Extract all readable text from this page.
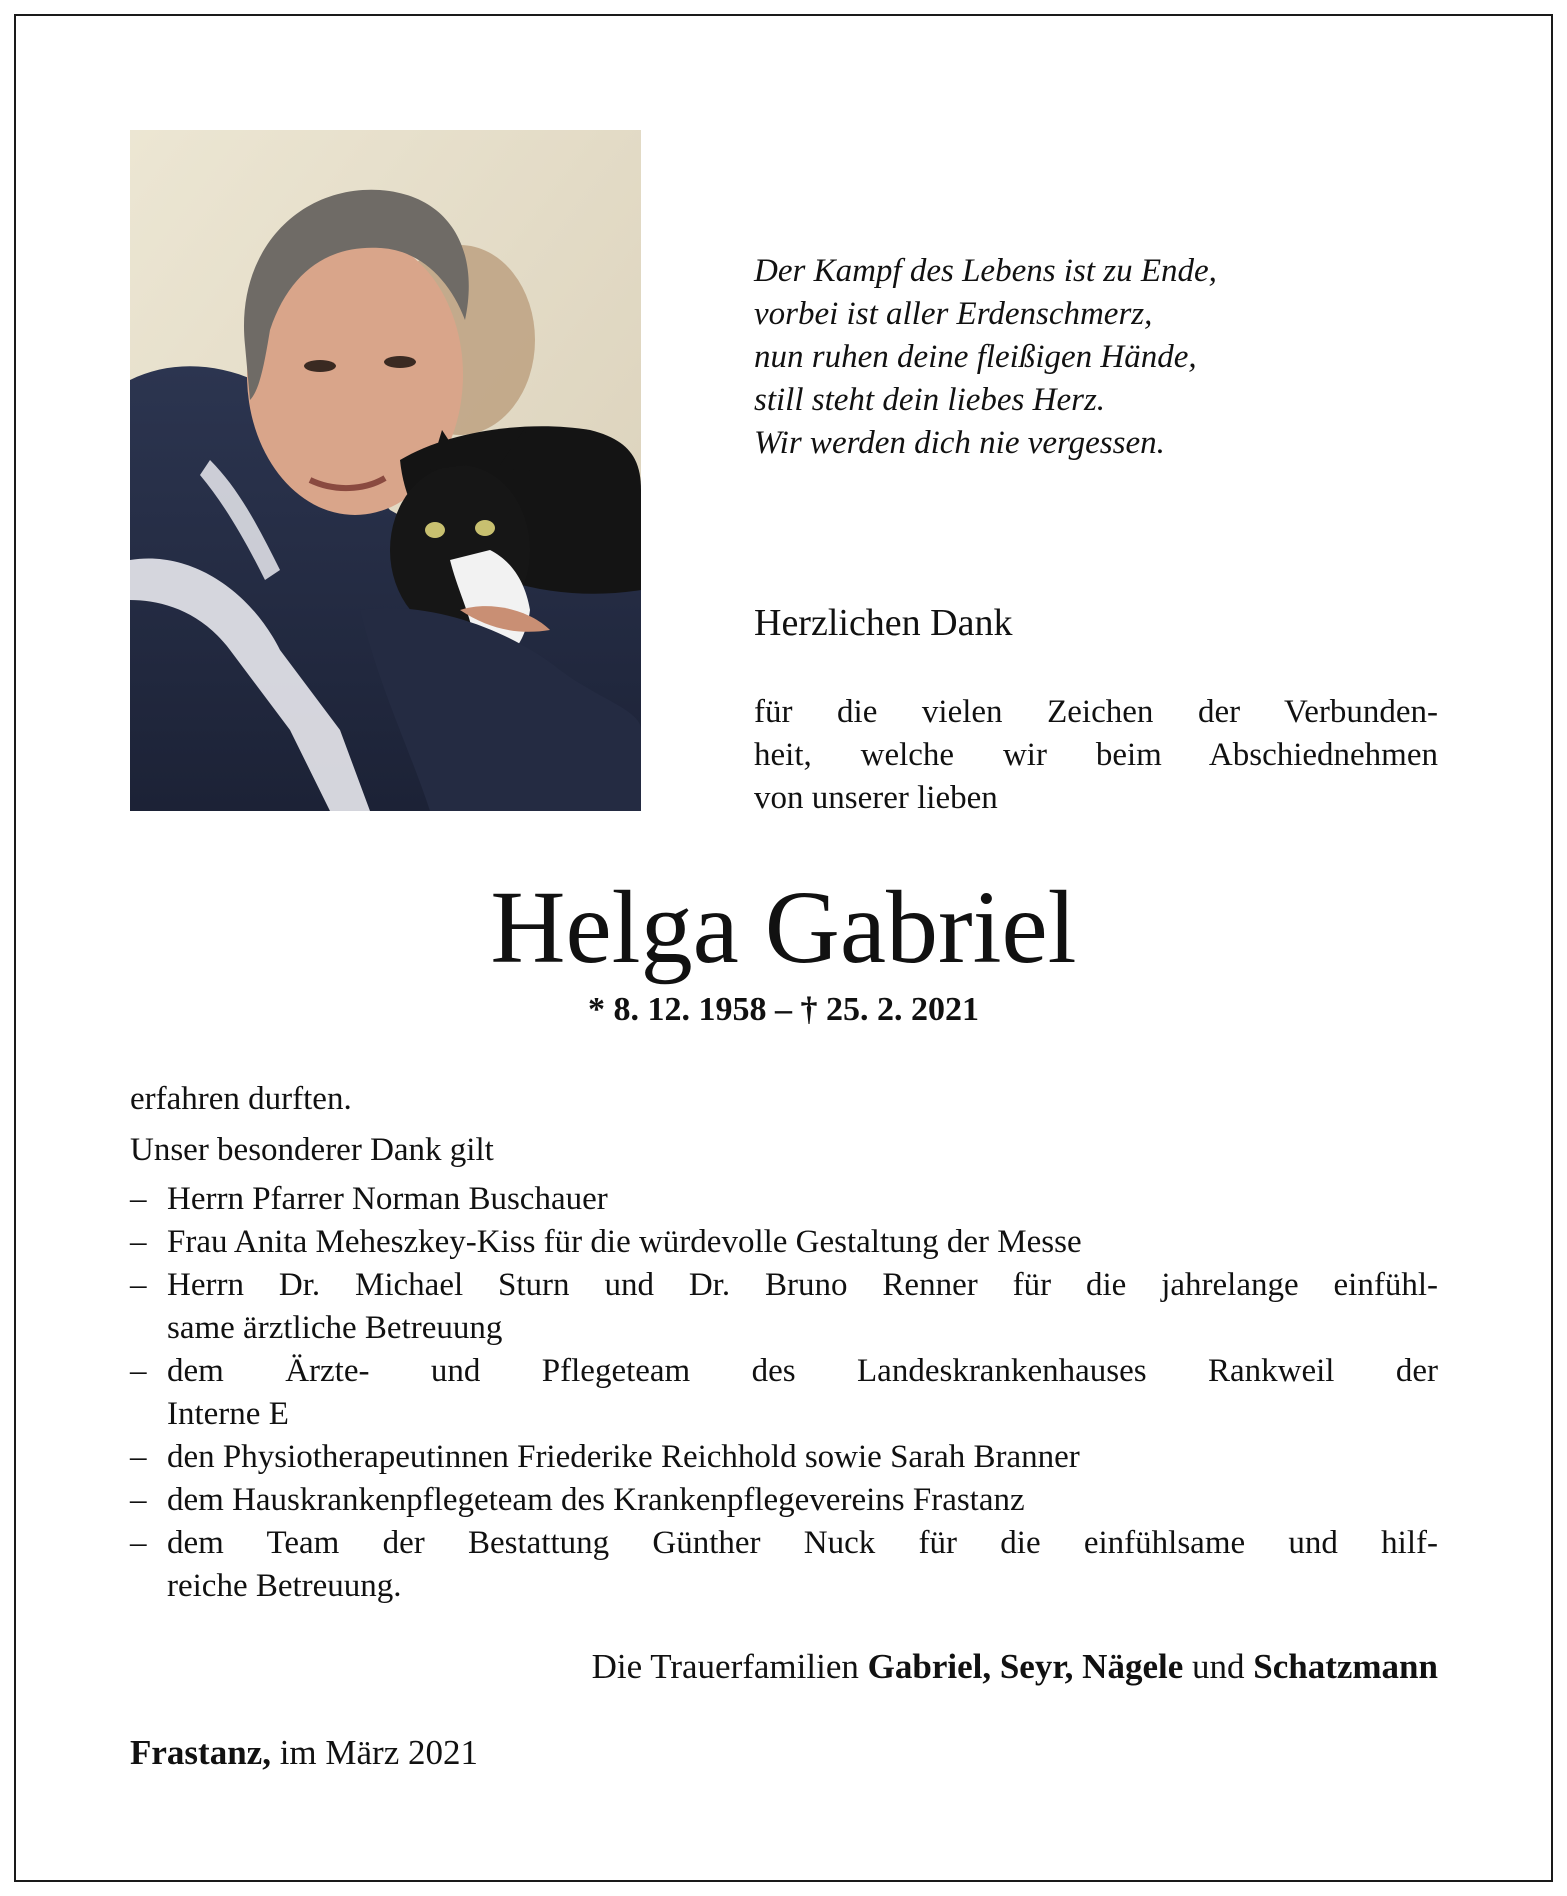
Der Kampf des Lebens ist zu Ende,
vorbei ist aller Erdenschmerz,
nun ruhen deine fleißigen Hände,
still steht dein liebes Herz.
Wir werden dich nie vergessen.
Herzlichen Dank
für die vielen Zeichen der Verbunden-
heit, welche wir beim Abschiednehmen
von unserer lieben
Helga Gabriel
* 8. 12. 1958 – † 25. 2. 2021
erfahren durften.
Unser besonderer Dank gilt
– Herrn Pfarrer Norman Buschauer
– Frau Anita Meheszkey-Kiss für die würdevolle Gestaltung der Messe
– Herrn Dr. Michael Sturn und Dr. Bruno Renner für die jahrelange einfühl-
same ärztliche Betreuung
– dem Ärzte- und Pflegeteam des Landeskrankenhauses Rankweil der
Interne E
– den Physiotherapeutinnen Friederike Reichhold sowie Sarah Branner
– dem Hauskrankenpflegeteam des Krankenpflegevereins Frastanz
– dem Team der Bestattung Günther Nuck für die einfühlsame und hilf-
reiche Betreuung.
Die Trauerfamilien Gabriel, Seyr, Nägele und Schatzmann
Frastanz, im März 2021
